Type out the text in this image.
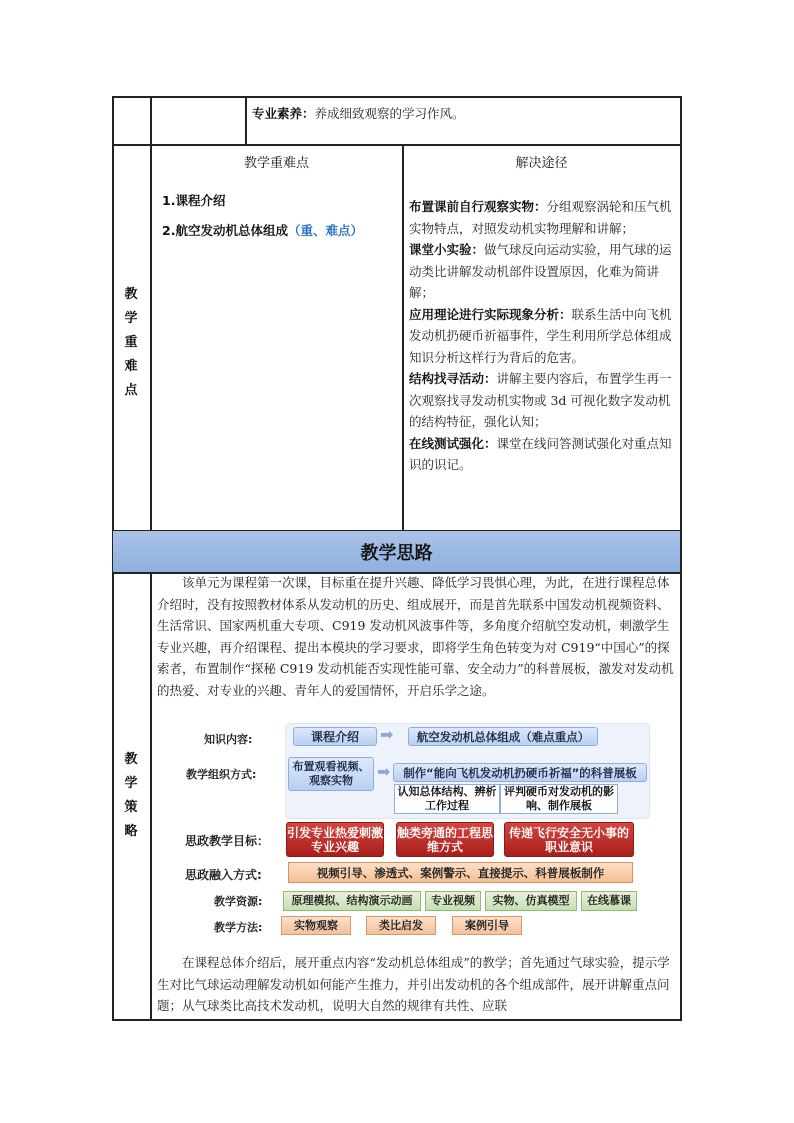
专业素养：养成细致观察的学习作风。
教
学
重
难
点
教学重难点	解决途径
1.课程介绍
2.航空发动机总体组成（重、难点）
布置课前自行观察实物：分组观察涡轮和压气机实物特点，对照发动机实物理解和讲解；
课堂小实验：做气球反向运动实验，用气球的运动类比讲解发动机部件设置原因，化难为简讲解；
应用理论进行实际现象分析：联系生活中向飞机发动机扔硬币祈福事件，学生利用所学总体组成知识分析这样行为背后的危害。
结构找寻活动：讲解主要内容后，布置学生再一次观察找寻发动机实物或 3d 可视化数字发动机的结构特征，强化认知；
在线测试强化：课堂在线问答测试强化对重点知识的识记。
教学思路
教
学
策
略
该单元为课程第一次课，目标重在提升兴趣、降低学习畏惧心理，为此，在进行课程总体介绍时，没有按照教材体系从发动机的历史、组成展开，而是首先联系中国发动机视频资料、生活常识、国家两机重大专项、C919 发动机风波事件等，多角度介绍航空发动机，刺激学生专业兴趣，再介绍课程、提出本模块的学习要求，即将学生角色转变为对 C919“中国心”的探索者，布置制作“探秘 C919 发动机能否实现性能可靠、安全动力”的科普展板，激发对发动机的热爱、对专业的兴趣、青年人的爱国情怀，开启乐学之途。
知识内容:	课程介绍	➡	航空发动机总体组成（难点重点）
教学组织方式:
布置观看视频、观察实物	➡	制作“能向飞机发动机扔硬币祈福”的科普展板
认知总体结构、辨析工作过程
评判硬币对发动机的影响、制作展板
思政教学目标：
引发专业热爱刺激专业兴趣
触类旁通的工程思维方式
传递飞行安全无小事的职业意识
思政融入方式:	视频引导、渗透式、案例警示、直接提示、科普展板制作
教学资源:	原理模拟、结构演示动画	专业视频	实物、仿真模型	在线慕课
教学方法:	实物观察	类比启发	案例引导
在课程总体介绍后，展开重点内容“发动机总体组成”的教学；首先通过气球实验，提示学生对比气球运动理解发动机如何能产生推力，并引出发动机的各个组成部件，展开讲解重点问题；从气球类比高技术发动机，说明大自然的规律有共性、应联
